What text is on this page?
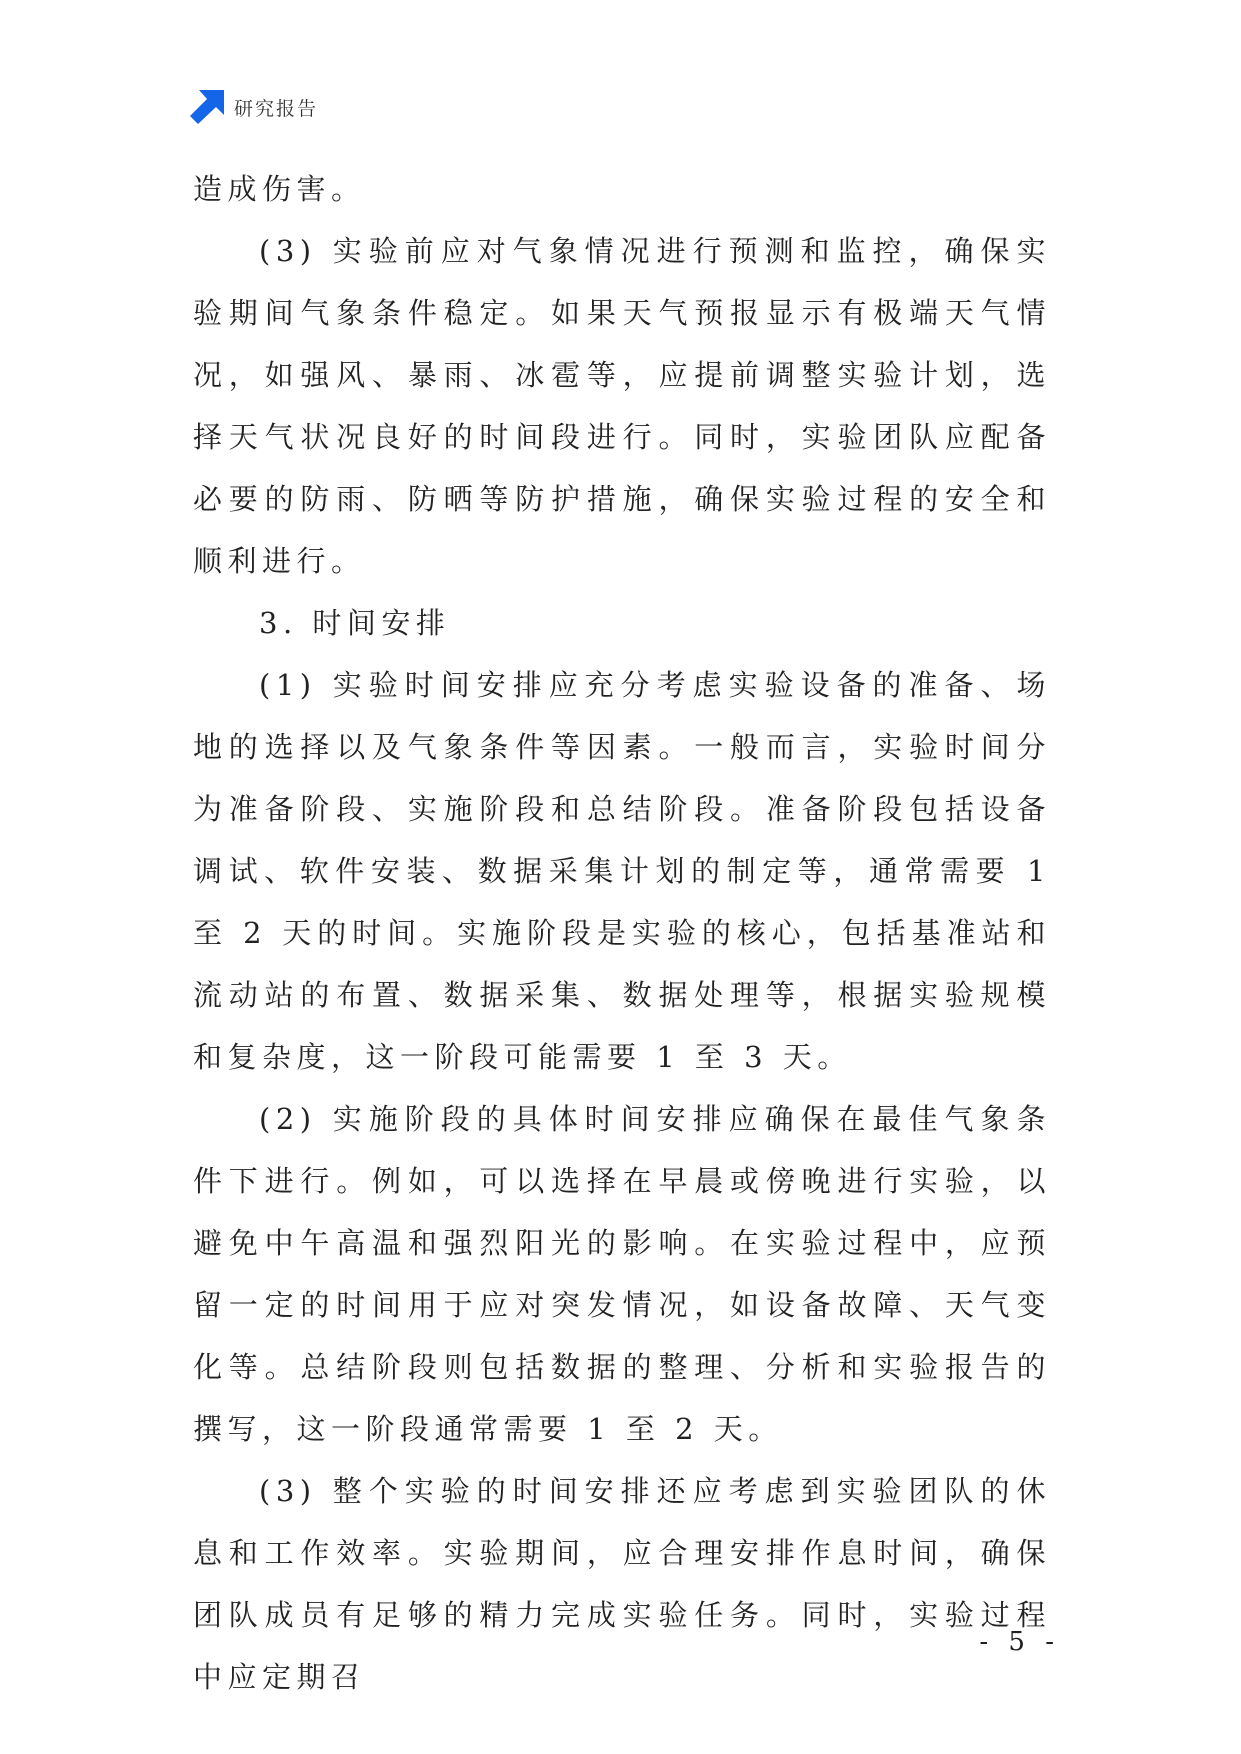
研究报告

造成伤害。

(3) 实验前应对气象情况进行预测和监控，确保实验期间气象条件稳定。如果天气预报显示有极端天气情况，如强风、暴雨、冰雹等，应提前调整实验计划，选择天气状况良好的时间段进行。同时，实验团队应配备必要的防雨、防晒等防护措施，确保实验过程的安全和顺利进行。

3. 时间安排

(1) 实验时间安排应充分考虑实验设备的准备、场地的选择以及气象条件等因素。一般而言，实验时间分为准备阶段、实施阶段和总结阶段。准备阶段包括设备调试、软件安装、数据采集计划的制定等，通常需要 1 至 2 天的时间。实施阶段是实验的核心，包括基准站和流动站的布置、数据采集、数据处理等，根据实验规模和复杂度，这一阶段可能需要 1 至 3 天。

(2) 实施阶段的具体时间安排应确保在最佳气象条件下进行。例如，可以选择在早晨或傍晚进行实验，以避免中午高温和强烈阳光的影响。在实验过程中，应预留一定的时间用于应对突发情况，如设备故障、天气变化等。总结阶段则包括数据的整理、分析和实验报告的撰写，这一阶段通常需要 1 至 2 天。

(3) 整个实验的时间安排还应考虑到实验团队的休息和工作效率。实验期间，应合理安排作息时间，确保团队成员有足够的精力完成实验任务。同时，实验过程中应定期召

- 5 -
